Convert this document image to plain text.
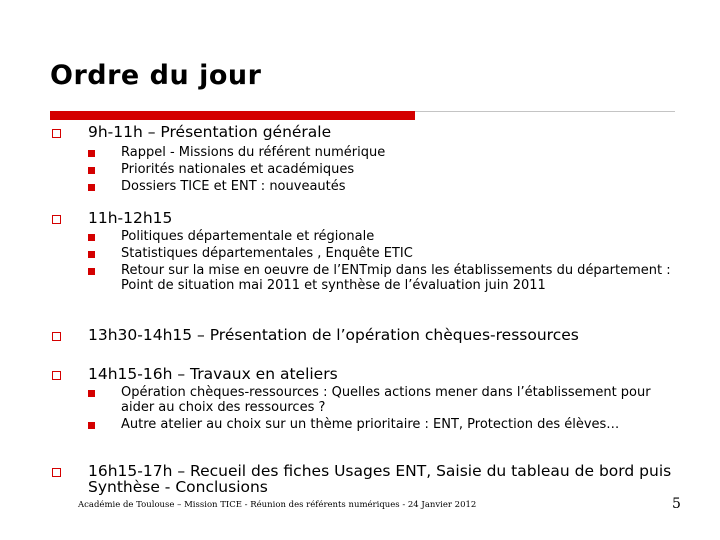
Ordre du jour
9h-11h – Présentation générale
Rappel - Missions du référent numérique
Priorités nationales et académiques
Dossiers TICE et ENT : nouveautés
11h-12h15
Politiques départementale et régionale
Statistiques départementales , Enquête ETIC
Retour sur la mise en oeuvre de l’ENTmip dans les établissements du département : Point de situation mai 2011 et synthèse de l’évaluation juin 2011
13h30-14h15 – Présentation de l’opération chèques-ressources
14h15-16h – Travaux en ateliers
Opération chèques-ressources : Quelles actions mener dans l’établissement pour aider au choix des ressources ?
Autre atelier au choix sur un thème prioritaire : ENT, Protection des élèves…
16h15-17h – Recueil des fiches Usages ENT, Saisie du tableau de bord puis Synthèse - Conclusions
Académie de Toulouse – Mission TICE - Réunion des référents numériques - 24 Janvier 2012	5
